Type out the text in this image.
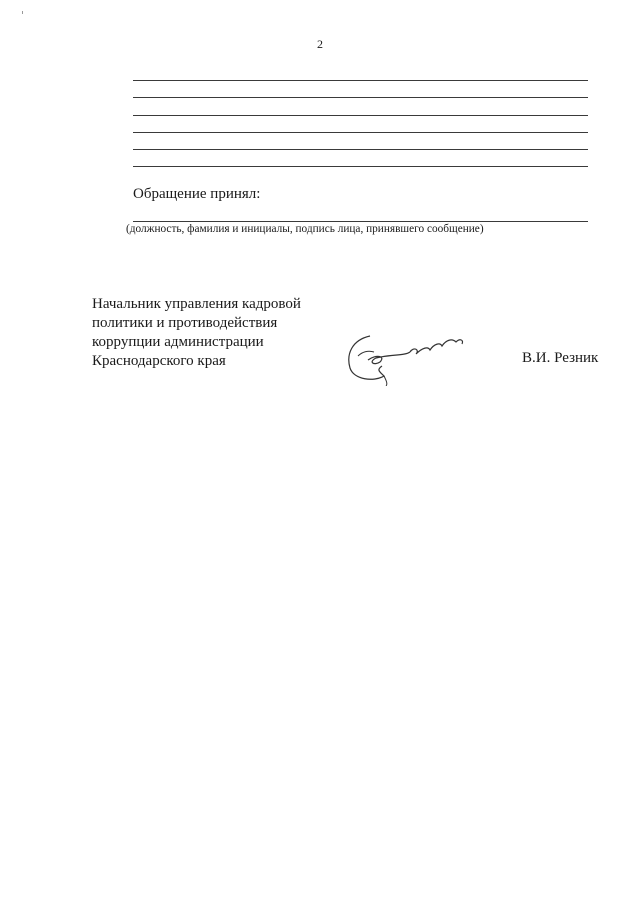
2
Обращение принял:
(должность, фамилия и инициалы, подпись лица, принявшего сообщение)
Начальник управления кадровой
политики и противодействия
коррупции администрации
Краснодарского края	В.И. Резник
